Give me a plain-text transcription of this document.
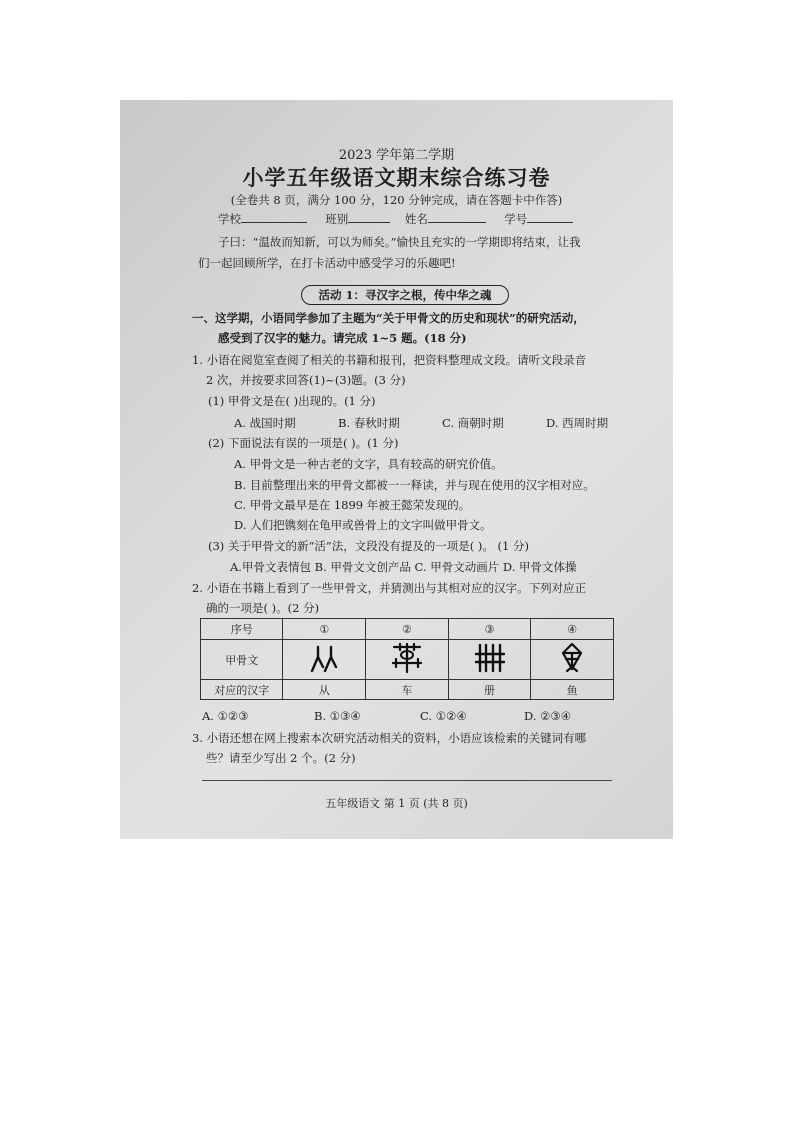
2023 学年第二学期
小学五年级语文期末综合练习卷
(全卷共 8 页，满分 100 分，120 分钟完成，请在答题卡中作答)
学校	班别	姓名	学号
子曰：“温故而知新，可以为师矣。”愉快且充实的一学期即将结束，让我
们一起回顾所学，在打卡活动中感受学习的乐趣吧!
活动 1：寻汉字之根，传中华之魂
一、这学期，小语同学参加了主题为“关于甲骨文的历史和现状”的研究活动，
感受到了汉字的魅力。请完成 1~5 题。(18 分)
1. 小语在阅览室查阅了相关的书籍和报刊，把资料整理成文段。请听文段录音
2 次，并按要求回答(1)~(3)题。(3 分)
(1) 甲骨文是在( )出现的。(1 分)
A. 战国时期	B. 春秋时期	C. 商朝时期	D. 西周时期
(2) 下面说法有误的一项是( )。(1 分)
A. 甲骨文是一种古老的文字，具有较高的研究价值。
B. 目前整理出来的甲骨文都被一一释读，并与现在使用的汉字相对应。
C. 甲骨文最早是在 1899 年被王懿荣发现的。
D. 人们把镌刻在龟甲或兽骨上的文字叫做甲骨文。
(3) 关于甲骨文的新“活”法，文段没有提及的一项是( )。 (1 分)
A.甲骨文表情包 B. 甲骨文文创产品 C. 甲骨文动画片 D. 甲骨文体操
2. 小语在书籍上看到了一些甲骨文，并猜测出与其相对应的汉字。下列对应正
确的一项是( )。(2 分)
序号	①	②	③	④
甲骨文				
对应的汉字	从	车	册	鱼
A. ①②③	B. ①③④	C. ①②④	D. ②③④
3. 小语还想在网上搜索本次研究活动相关的资料，小语应该检索的关键词有哪
些？请至少写出 2 个。(2 分)
五年级语文 第 1 页 (共 8 页)
